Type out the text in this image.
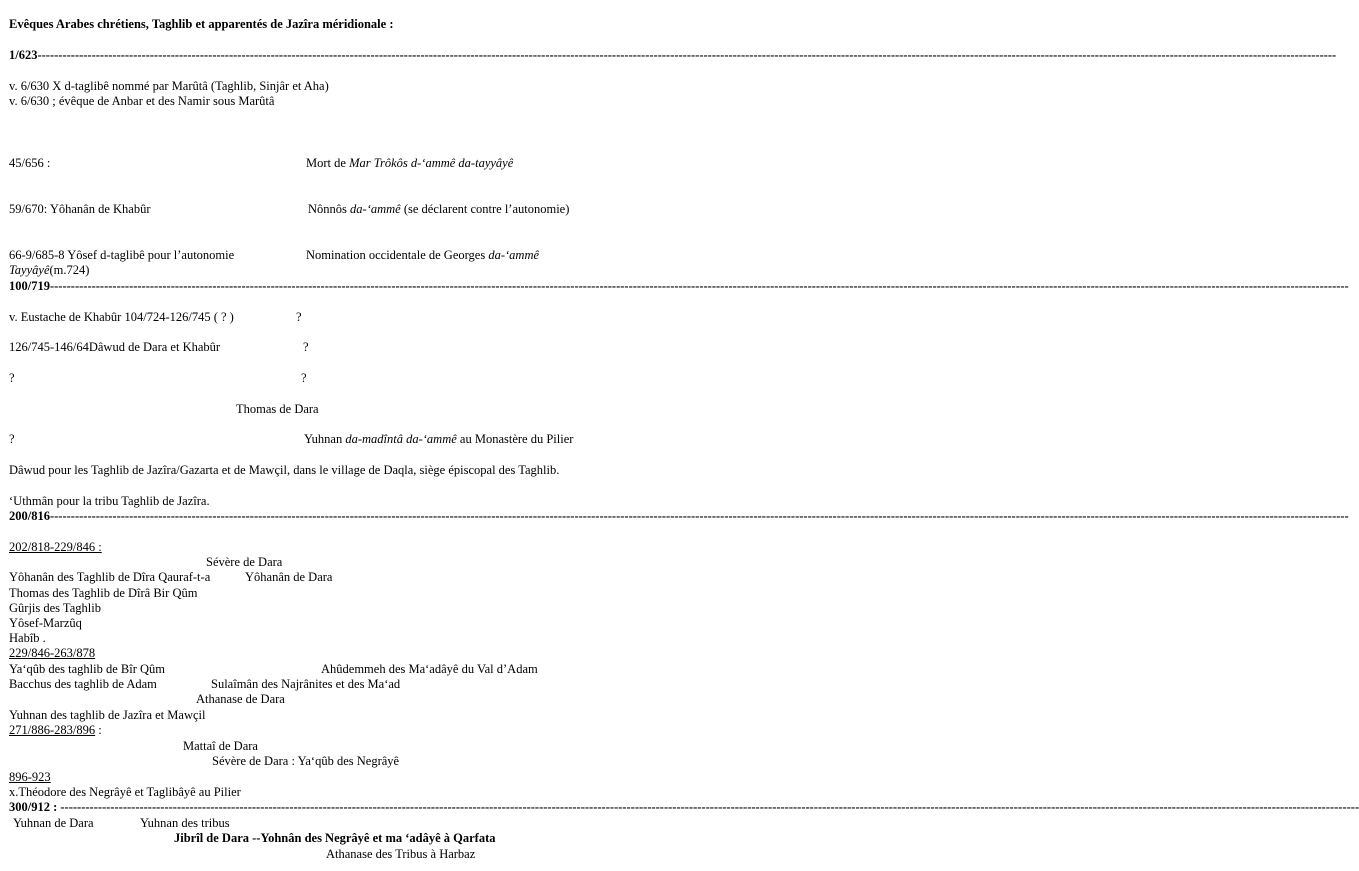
Evêques Arabes chrétiens, Taghlib et apparentés de Jazîra méridionale :
1/623------------------------------------------------------------------------------------------------------------------------------------------------------------------------------------------------------------------------------------------------------------------------------------------------------------------------
v. 6/630 X d-taglibê nommé par Marûtâ (Taghlib, Sinjâr et Aha)
v. 6/630 ; évêque de Anbar et des Namir sous Marûtâ
45/656 :	Mort de Mar Trôkôs d-‘ammê da-tayyâyê
59/670: Yôhanân de Khabûr	Nônnôs da-‘ammê (se déclarent contre l’autonomie)
66-9/685-8 Yôsef d-taglibê pour l’autonomie	Nomination occidentale de Georges da-‘ammê
Tayyâyê(m.724)
100/719------------------------------------------------------------------------------------------------------------------------------------------------------------------------------------------------------------------------------------------------------------------------------------------------------------------------
v. Eustache de Khabûr 104/724-126/745 ( ? )	?
126/745-146/64Dâwud de Dara et Khabûr	?
?	?
Thomas de Dara
?	Yuhnan da-madîntâ da-‘ammê au Monastère du Pilier
Dâwud pour les Taghlib de Jazîra/Gazarta et de Mawçil, dans le village de Daqla, siège épiscopal des Taghlib.
‘Uthmân pour la tribu Taghlib de Jazîra.
200/816------------------------------------------------------------------------------------------------------------------------------------------------------------------------------------------------------------------------------------------------------------------------------------------------------------------------
202/818-229/846 :
Sévère de Dara
Yôhanân des Taghlib de Dîra Qauraf-t-a	Yôhanân de Dara
Thomas des Taghlib de Dîrâ Bir Qûm
Gûrjis des Taghlib
Yôsef-Marzûq
Habîb .
229/846-263/878
Ya‘qûb des taghlib de Bîr Qûm	Ahûdemmeh des Ma‘adâyê du Val d’Adam
Bacchus des taghlib de Adam	Sulaîmân des Najrânites et des Ma‘ad
Athanase de Dara
Yuhnan des taghlib de Jazîra et Mawçil
271/886-283/896 :
Mattaî de Dara
Sévère de Dara : Ya‘qûb des Negrâyê
896-923
x.Théodore des Negrâyê et Taglibâyê au Pilier
300/912 : ------------------------------------------------------------------------------------------------------------------------------------------------------------------------------------------------------------------------------------------------------------------------------------------------------------------------
Yuhnan de Dara	Yuhnan des tribus
Jibrîl de Dara --Yohnân des Negrâyê et ma ‘adâyê à Qarfata
Athanase des Tribus à Harbaz
